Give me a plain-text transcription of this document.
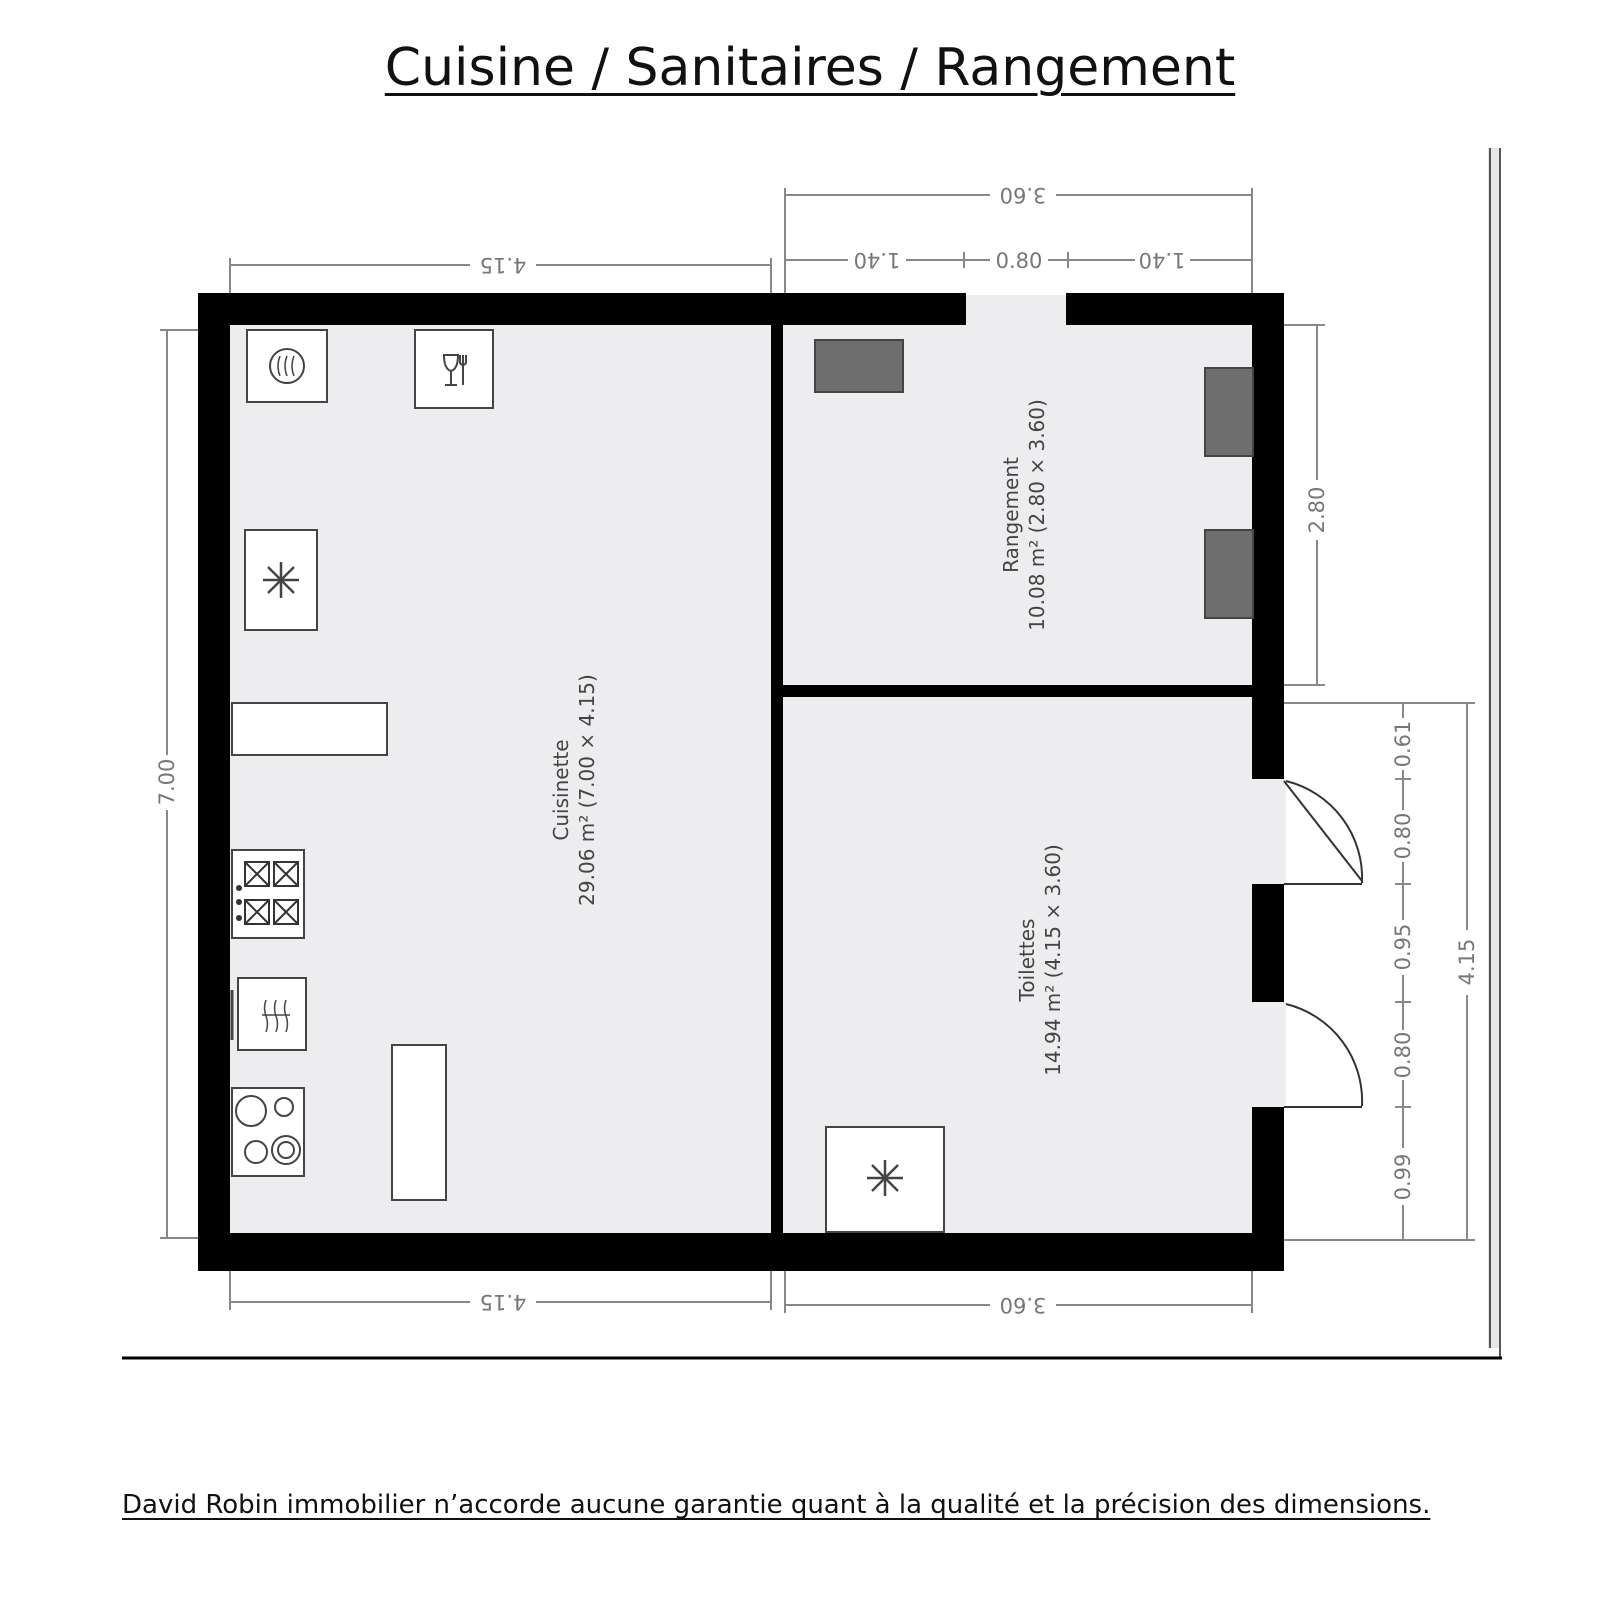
Cuisine / Sanitaires / Rangement
Cuisinette 29.06 m² (7.00 × 4.15)
Rangement 10.08 m² (2.80 × 3.60)
Toilettes 14.94 m² (4.15 × 3.60)
4.15
4.15
3.60
1.40	0.80	1.40
3.60
7.00
2.80
4.15
0.61
0.80
0.95
0.80
0.99
David Robin immobilier n’accorde aucune garantie quant à la qualité et la précision des dimensions.
